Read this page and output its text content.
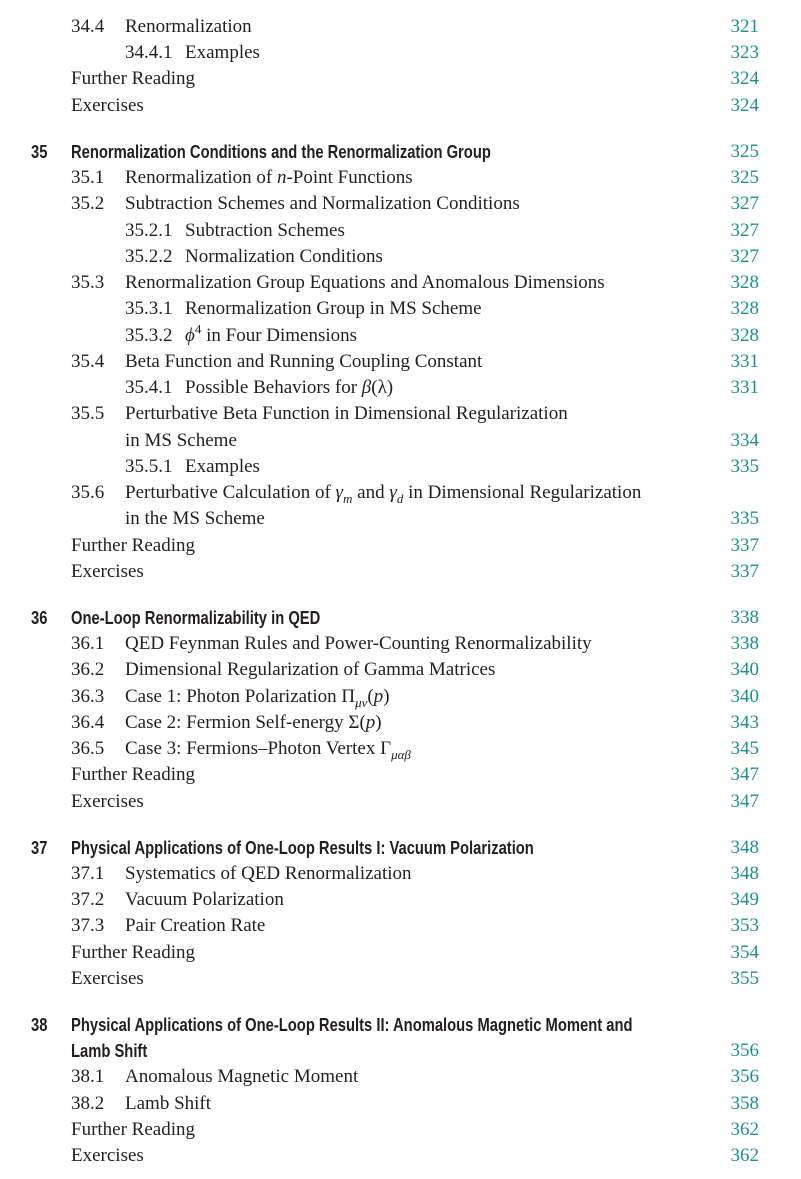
34.4 Renormalization	321
34.4.1 Examples	323
Further Reading	324
Exercises	324
35 Renormalization Conditions and the Renormalization Group	325
35.1 Renormalization of n-Point Functions	325
35.2 Subtraction Schemes and Normalization Conditions	327
35.2.1 Subtraction Schemes	327
35.2.2 Normalization Conditions	327
35.3 Renormalization Group Equations and Anomalous Dimensions	328
35.3.1 Renormalization Group in MS Scheme	328
35.3.2 $\phi^4$ in Four Dimensions	328
35.4 Beta Function and Running Coupling Constant	331
35.4.1 Possible Behaviors for β(λ)	331
35.5 Perturbative Beta Function in Dimensional Regularization
in MS Scheme	334
35.5.1 Examples	335
35.6 Perturbative Calculation of $\gamma_m$ and $\gamma_d$ in Dimensional Regularization
in the MS Scheme	335
Further Reading	337
Exercises	337
36 One-Loop Renormalizability in QED	338
36.1 QED Feynman Rules and Power-Counting Renormalizability	338
36.2 Dimensional Regularization of Gamma Matrices	340
36.3 Case 1: Photon Polarization $\Pi_{\mu\nu}(p)$	340
36.4 Case 2: Fermion Self-energy Σ(p)	343
36.5 Case 3: Fermions–Photon Vertex $\Gamma_{\mu\alpha\beta}$	345
Further Reading	347
Exercises	347
37 Physical Applications of One-Loop Results I: Vacuum Polarization	348
37.1 Systematics of QED Renormalization	348
37.2 Vacuum Polarization	349
37.3 Pair Creation Rate	353
Further Reading	354
Exercises	355
38 Physical Applications of One-Loop Results II: Anomalous Magnetic Moment and
Lamb Shift	356
38.1 Anomalous Magnetic Moment	356
38.2 Lamb Shift	358
Further Reading	362
Exercises	362
